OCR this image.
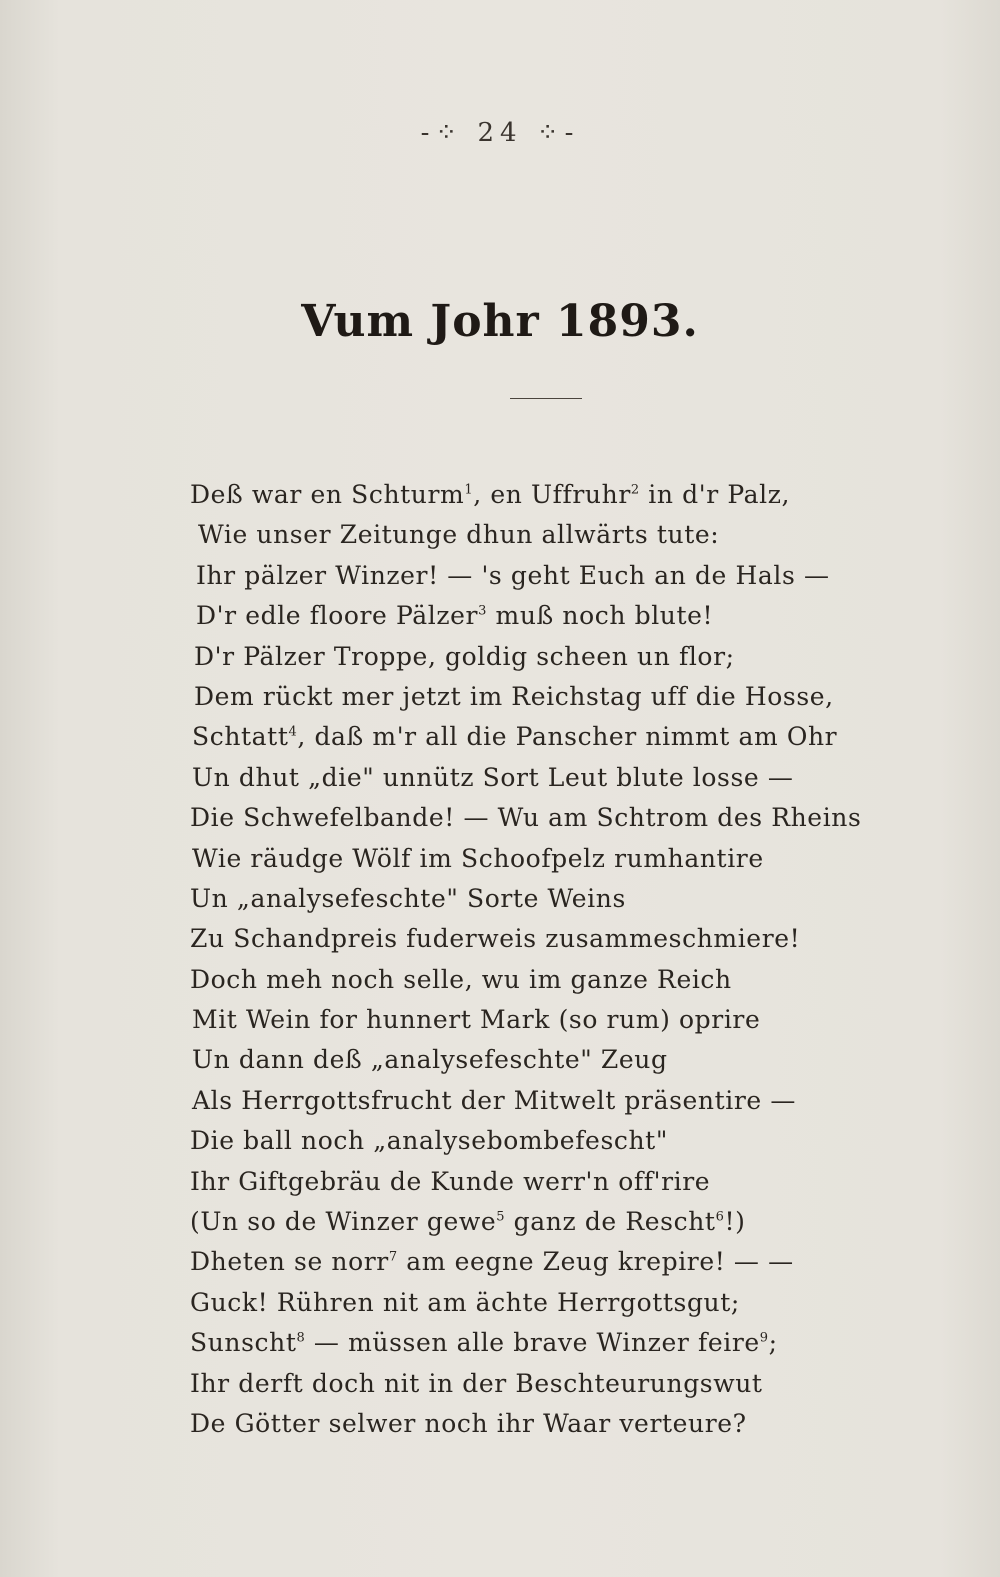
-⁘ 24 ⁘-
Vum Johr 1893.
Deß war en Schturm$^1$, en Uffruhr$^2$ in d'r Palz,
Wie unser Zeitunge dhun allwärts tute:
Ihr pälzer Winzer! — 's geht Euch an de Hals —
D'r edle floore Pälzer$^3$ muß noch blute!
D'r Pälzer Troppe, goldig scheen un flor;
Dem rückt mer jetzt im Reichstag uff die Hosse,
Schtatt$^4$, daß m'r all die Panscher nimmt am Ohr
Un dhut „die" unnütz Sort Leut blute losse —
Die Schwefelbande! — Wu am Schtrom des Rheins
Wie räudge Wölf im Schoofpelz rumhantire
Un „analysefeschte" Sorte Weins
Zu Schandpreis fuderweis zusammeschmiere!
Doch meh noch selle, wu im ganze Reich
Mit Wein for hunnert Mark (so rum) oprire
Un dann deß „analysefeschte" Zeug
Als Herrgottsfrucht der Mitwelt präsentire —
Die ball noch „analysebombefescht"
Ihr Giftgebräu de Kunde werr'n off'rire
(Un so de Winzer gewe$^5$ ganz de Rescht$^6$!)
Dheten se norr$^7$ am eegne Zeug krepire! — —
Guck! Rühren nit am ächte Herrgottsgut;
Sunscht$^8$ — müssen alle brave Winzer feire$^9$;
Ihr derft doch nit in der Beschteurungswut
De Götter selwer noch ihr Waar verteure?
